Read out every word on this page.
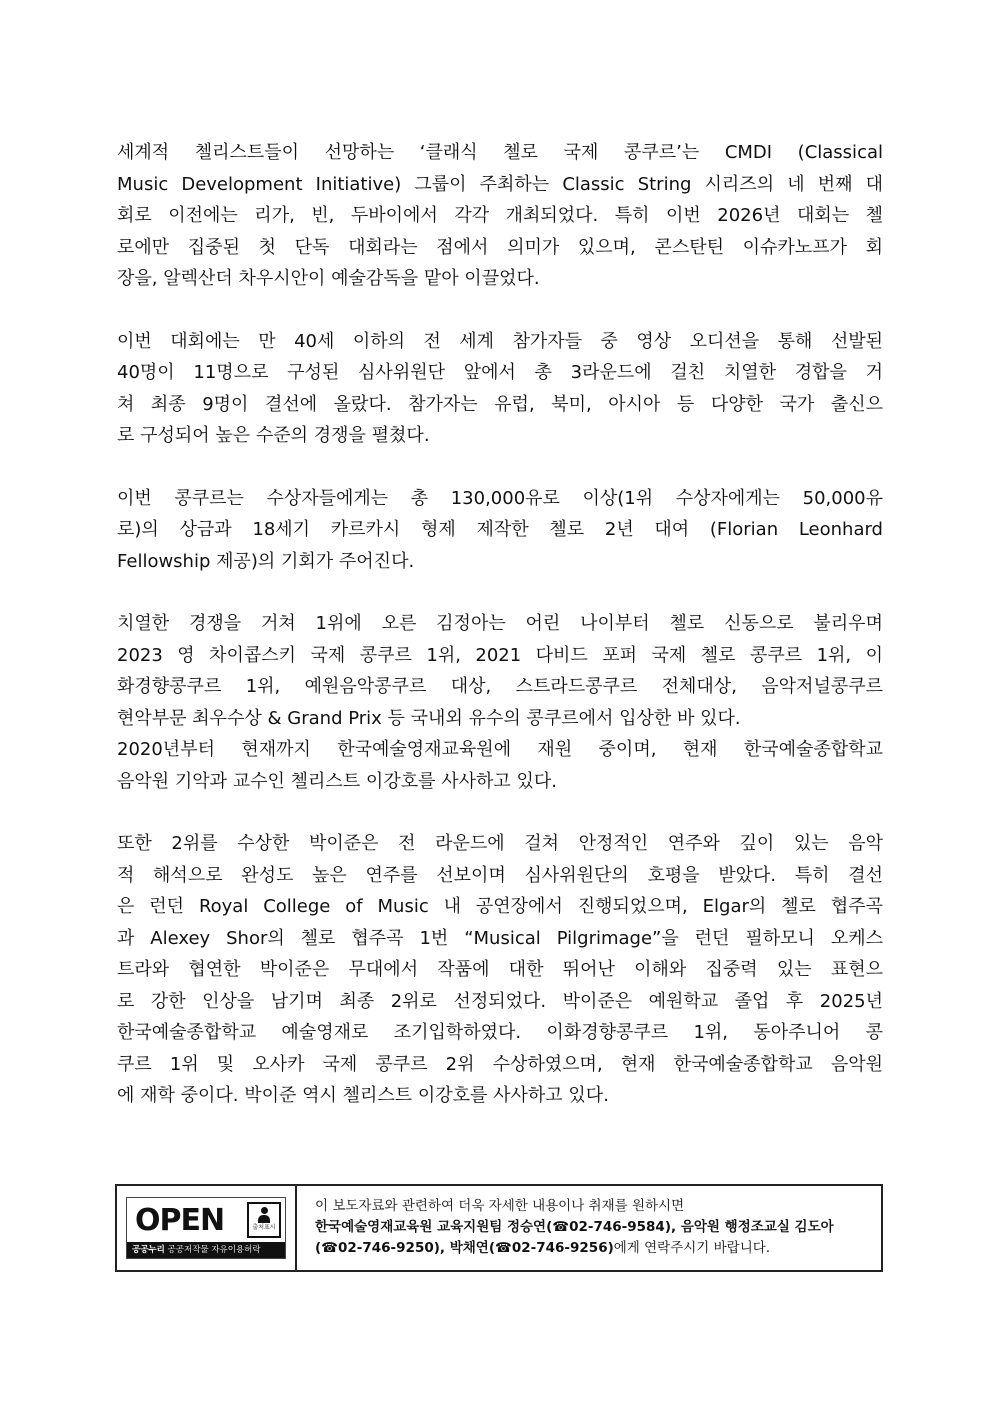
세계적 첼리스트들이 선망하는 ‘클래식 첼로 국제 콩쿠르’는 CMDI (Classical
Music Development Initiative) 그룹이 주최하는 Classic String 시리즈의 네 번째 대
회로 이전에는 리가, 빈, 두바이에서 각각 개최되었다. 특히 이번 2026년 대회는 첼
로에만 집중된 첫 단독 대회라는 점에서 의미가 있으며, 콘스탄틴 이슈카노프가 회
장을, 알렉산더 차우시안이 예술감독을 맡아 이끌었다.
이번 대회에는 만 40세 이하의 전 세계 참가자들 중 영상 오디션을 통해 선발된
40명이 11명으로 구성된 심사위원단 앞에서 총 3라운드에 걸친 치열한 경합을 거
쳐 최종 9명이 결선에 올랐다. 참가자는 유럽, 북미, 아시아 등 다양한 국가 출신으
로 구성되어 높은 수준의 경쟁을 펼쳤다.
이번 콩쿠르는 수상자들에게는 총 130,000유로 이상(1위 수상자에게는 50,000유
로)의 상금과 18세기 카르카시 형제 제작한 첼로 2년 대여 (Florian Leonhard
Fellowship 제공)의 기회가 주어진다.
치열한 경쟁을 거쳐 1위에 오른 김정아는 어린 나이부터 첼로 신동으로 불리우며
2023 영 차이콥스키 국제 콩쿠르 1위, 2021 다비드 포퍼 국제 첼로 콩쿠르 1위, 이
화경향콩쿠르 1위, 예원음악콩쿠르 대상, 스트라드콩쿠르 전체대상, 음악저널콩쿠르
현악부문 최우수상 & Grand Prix 등 국내외 유수의 콩쿠르에서 입상한 바 있다.
2020년부터 현재까지 한국예술영재교육원에 재원 중이며, 현재 한국예술종합학교
음악원 기악과 교수인 첼리스트 이강호를 사사하고 있다.
또한 2위를 수상한 박이준은 전 라운드에 걸쳐 안정적인 연주와 깊이 있는 음악
적 해석으로 완성도 높은 연주를 선보이며 심사위원단의 호평을 받았다. 특히 결선
은 런던 Royal College of Music 내 공연장에서 진행되었으며, Elgar의 첼로 협주곡
과 Alexey Shor의 첼로 협주곡 1번 “Musical Pilgrimage”을 런던 필하모니 오케스
트라와 협연한 박이준은 무대에서 작품에 대한 뛰어난 이해와 집중력 있는 표현으
로 강한 인상을 남기며 최종 2위로 선정되었다. 박이준은 예원학교 졸업 후 2025년
한국예술종합학교 예술영재로 조기입학하였다. 이화경향콩쿠르 1위, 동아주니어 콩
쿠르 1위 및 오사카 국제 콩쿠르 2위 수상하였으며, 현재 한국예술종합학교 음악원
에 재학 중이다. 박이준 역시 첼리스트 이강호를 사사하고 있다.
OPEN	출처표시
공공누리 공공저작물 자유이용허락
이 보도자료와 관련하여 더욱 자세한 내용이나 취재를 원하시면
한국예술영재교육원 교육지원팀 정승연(☎02-746-9584), 음악원 행정조교실 김도아
(☎02-746-9250), 박채연(☎02-746-9256)에게 연락주시기 바랍니다.
